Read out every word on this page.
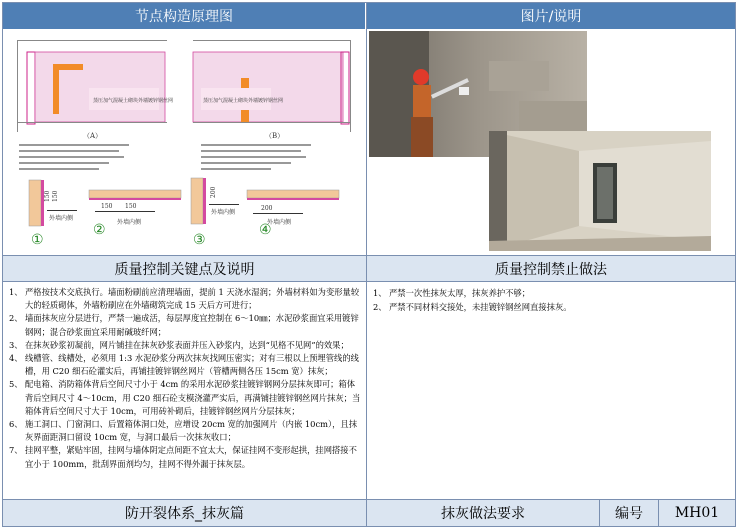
节点构造原理图	图片/说明
蒸压加气混凝土砌块外墙镀锌钢丝网
（A）
蒸压加气混凝土砌块外墙镀锌钢丝网
（B）
150 150
外墙内侧
①
150 150
外墙内侧
②
200
外墙内侧
③
200
外墙内侧
④
质量控制关键点及说明	质量控制禁止做法
1、 严格按技术交底执行。墙面粉刷前应清理墙面，提前 1 天浇水湿润；外墙材料如为变形量较大的轻质砌体，外墙粉刷应在外墙砌筑完成 15 天后方可进行；
2、 墙面抹灰应分层进行，严禁一遍成活，每层厚度宜控制在 6～10㎜；水泥砂浆面宜采用镀锌钢网；混合砂浆面宜采用耐碱玻纤网；
3、 在抹灰砂浆初凝前，网片铺挂在抹灰砂浆表面并压入砂浆内，达到“见格不见网”的效果；
4、 线槽管、线槽处，必须用 1:3 水泥砂浆分两次抹灰找网压密实；对有三根以上预埋管线的线槽，用 C20 细石砼灌实后，再铺挂镀锌钢丝网片（管槽两侧各压 15cm 宽）抹灰；
5、 配电箱、消防箱体背后空间尺寸小于 4cm 的采用水泥砂浆挂镀锌钢网分层抹灰即可；箱体背后空间尺寸 4～10cm，用 C20 细石砼支模浇灌严实后，再满铺挂镀锌钢丝网片抹灰；当箱体背后空间尺寸大于 10cm，可用砖补砌后，挂镀锌钢丝网片分层抹灰；
6、 施工洞口、门窗洞口、后置箱体洞口处，应增设 20cm 宽的加强网片（内嵌 10cm），且抹灰界面距洞口留设 10cm 宽，与洞口最后一次抹灰收口；
7、 挂网平整，紧贴牢固，挂网与墙体阴定点间距不宜太大，保证挂网不变形起拱，挂网搭接不宜小于 100mm，批刮界面剂均匀，挂网不得外漏于抹灰层。
1、 严禁一次性抹灰太厚，抹灰养护不够；
2、 严禁不同材料交接处，未挂镀锌钢丝网直接抹灰。
防开裂体系_抹灰篇	抹灰做法要求	编号	MH01
